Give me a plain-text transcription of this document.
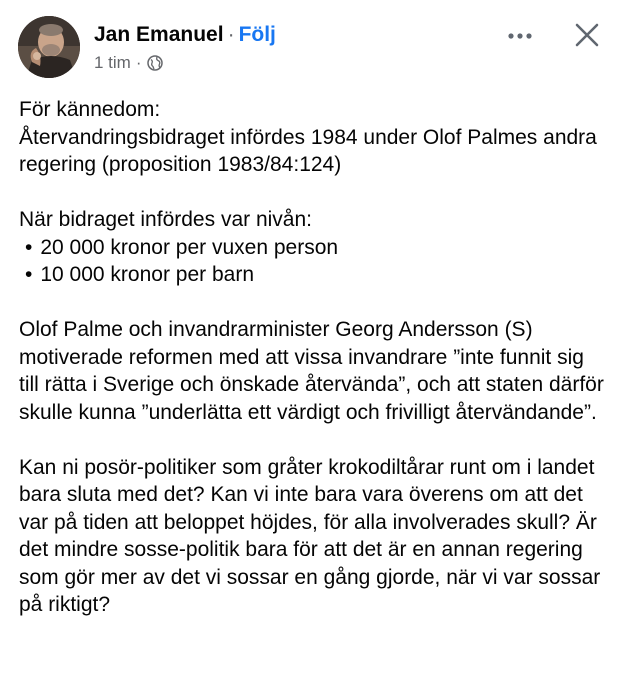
Jan Emanuel · Följ
1 tim ·

För kännedom:

Återvandringsbidraget infördes 1984 under Olof Palmes andra regering (proposition 1983/84:124)

När bidraget infördes var nivån:

• 20 000 kronor per vuxen person
• 10 000 kronor per barn

Olof Palme och invandrarminister Georg Andersson (S) motiverade reformen med att vissa invandrare ”inte funnit sig till rätta i Sverige och önskade återvända”, och att staten därför skulle kunna ”underlätta ett värdigt och frivilligt återvändande”.

Kan ni posör-politiker som gråter krokodiltårar runt om i landet bara sluta med det? Kan vi inte bara vara överens om att det var på tiden att beloppet höjdes, för alla involverades skull? Är det mindre sosse-politik bara för att det är en annan regering som gör mer av det vi sossar en gång gjorde, när vi var sossar på riktigt?
